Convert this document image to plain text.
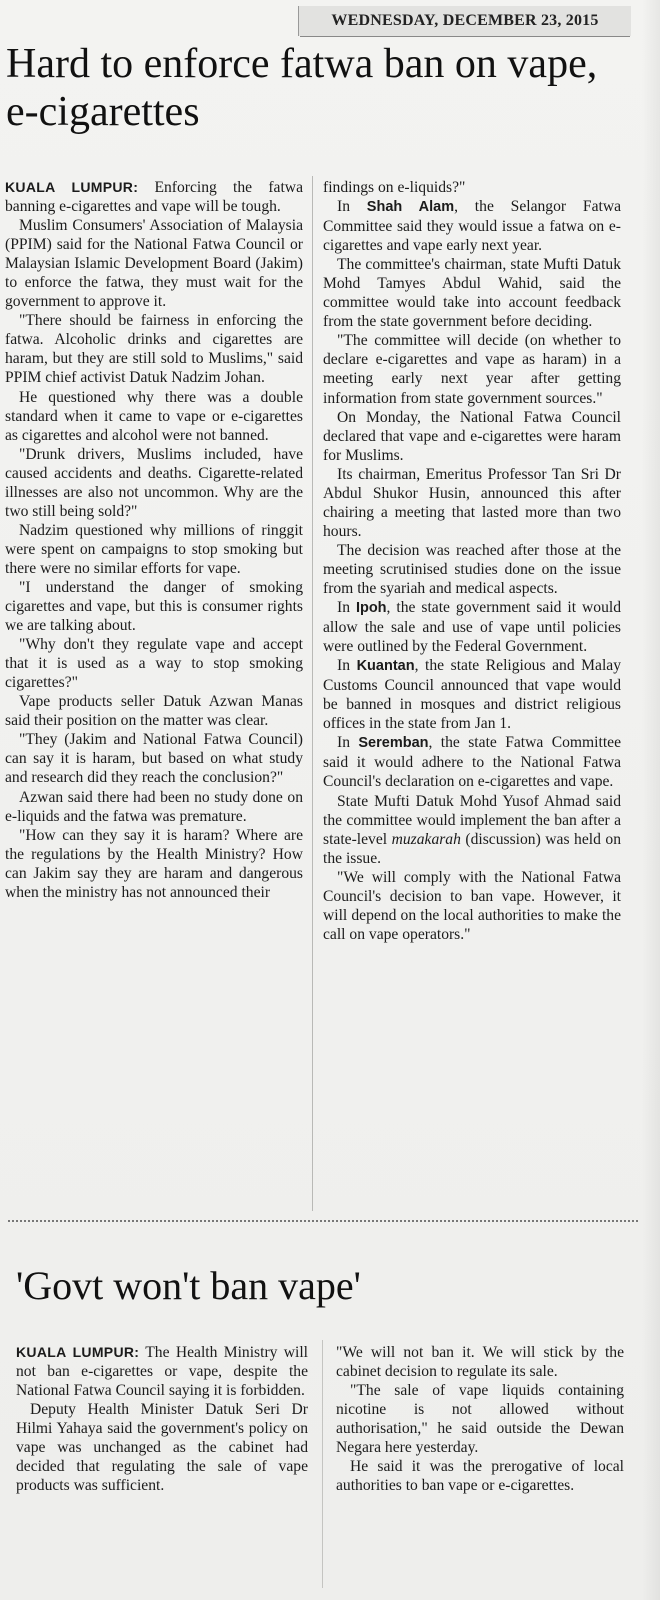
WEDNESDAY, DECEMBER 23, 2015
Hard to enforce fatwa ban on vape, e-cigarettes

KUALA LUMPUR: Enforcing the fatwa banning e-cigarettes and vape will be tough.

Muslim Consumers' Association of Malaysia (PPIM) said for the National Fatwa Council or Malaysian Islamic Development Board (Jakim) to enforce the fatwa, they must wait for the government to approve it.

"There should be fairness in enforcing the fatwa. Alcoholic drinks and cigarettes are haram, but they are still sold to Muslims," said PPIM chief activist Datuk Nadzim Johan.

He questioned why there was a double standard when it came to vape or e-cigarettes as cigarettes and alcohol were not banned.

"Drunk drivers, Muslims included, have caused accidents and deaths. Cigarette-related illnesses are also not uncommon. Why are the two still being sold?"

Nadzim questioned why millions of ringgit were spent on campaigns to stop smoking but there were no similar efforts for vape.

"I understand the danger of smoking cigarettes and vape, but this is consumer rights we are talking about.

"Why don't they regulate vape and accept that it is used as a way to stop smoking cigarettes?"

Vape products seller Datuk Azwan Manas said their position on the matter was clear.

"They (Jakim and National Fatwa Council) can say it is haram, but based on what study and research did they reach the conclusion?"

Azwan said there had been no study done on e-liquids and the fatwa was premature.

"How can they say it is haram? Where are the regulations by the Health Ministry? How can Jakim say they are haram and dangerous when the ministry has not announced their

findings on e-liquids?"

In Shah Alam, the Selangor Fatwa Committee said they would issue a fatwa on e-cigarettes and vape early next year.

The committee's chairman, state Mufti Datuk Mohd Tamyes Abdul Wahid, said the committee would take into account feedback from the state government before deciding.

"The committee will decide (on whether to declare e-cigarettes and vape as haram) in a meeting early next year after getting information from state government sources."

On Monday, the National Fatwa Council declared that vape and e-cigarettes were haram for Muslims.

Its chairman, Emeritus Professor Tan Sri Dr Abdul Shukor Husin, announced this after chairing a meeting that lasted more than two hours.

The decision was reached after those at the meeting scrutinised studies done on the issue from the syariah and medical aspects.

In Ipoh, the state government said it would allow the sale and use of vape until policies were outlined by the Federal Government.

In Kuantan, the state Religious and Malay Customs Council announced that vape would be banned in mosques and district religious offices in the state from Jan 1.

In Seremban, the state Fatwa Committee said it would adhere to the National Fatwa Council's declaration on e-cigarettes and vape.

State Mufti Datuk Mohd Yusof Ahmad said the committee would implement the ban after a state-level muzakarah (discussion) was held on the issue.

"We will comply with the National Fatwa Council's decision to ban vape. However, it will depend on the local authorities to make the call on vape operators."

'Govt won't ban vape'

KUALA LUMPUR: The Health Ministry will not ban e-cigarettes or vape, despite the National Fatwa Council saying it is forbidden.

Deputy Health Minister Datuk Seri Dr Hilmi Yahaya said the government's policy on vape was unchanged as the cabinet had decided that regulating the sale of vape products was sufficient.

"We will not ban it. We will stick by the cabinet decision to regulate its sale.

"The sale of vape liquids containing nicotine is not allowed without authorisation," he said outside the Dewan Negara here yesterday.

He said it was the prerogative of local authorities to ban vape or e-cigarettes.
